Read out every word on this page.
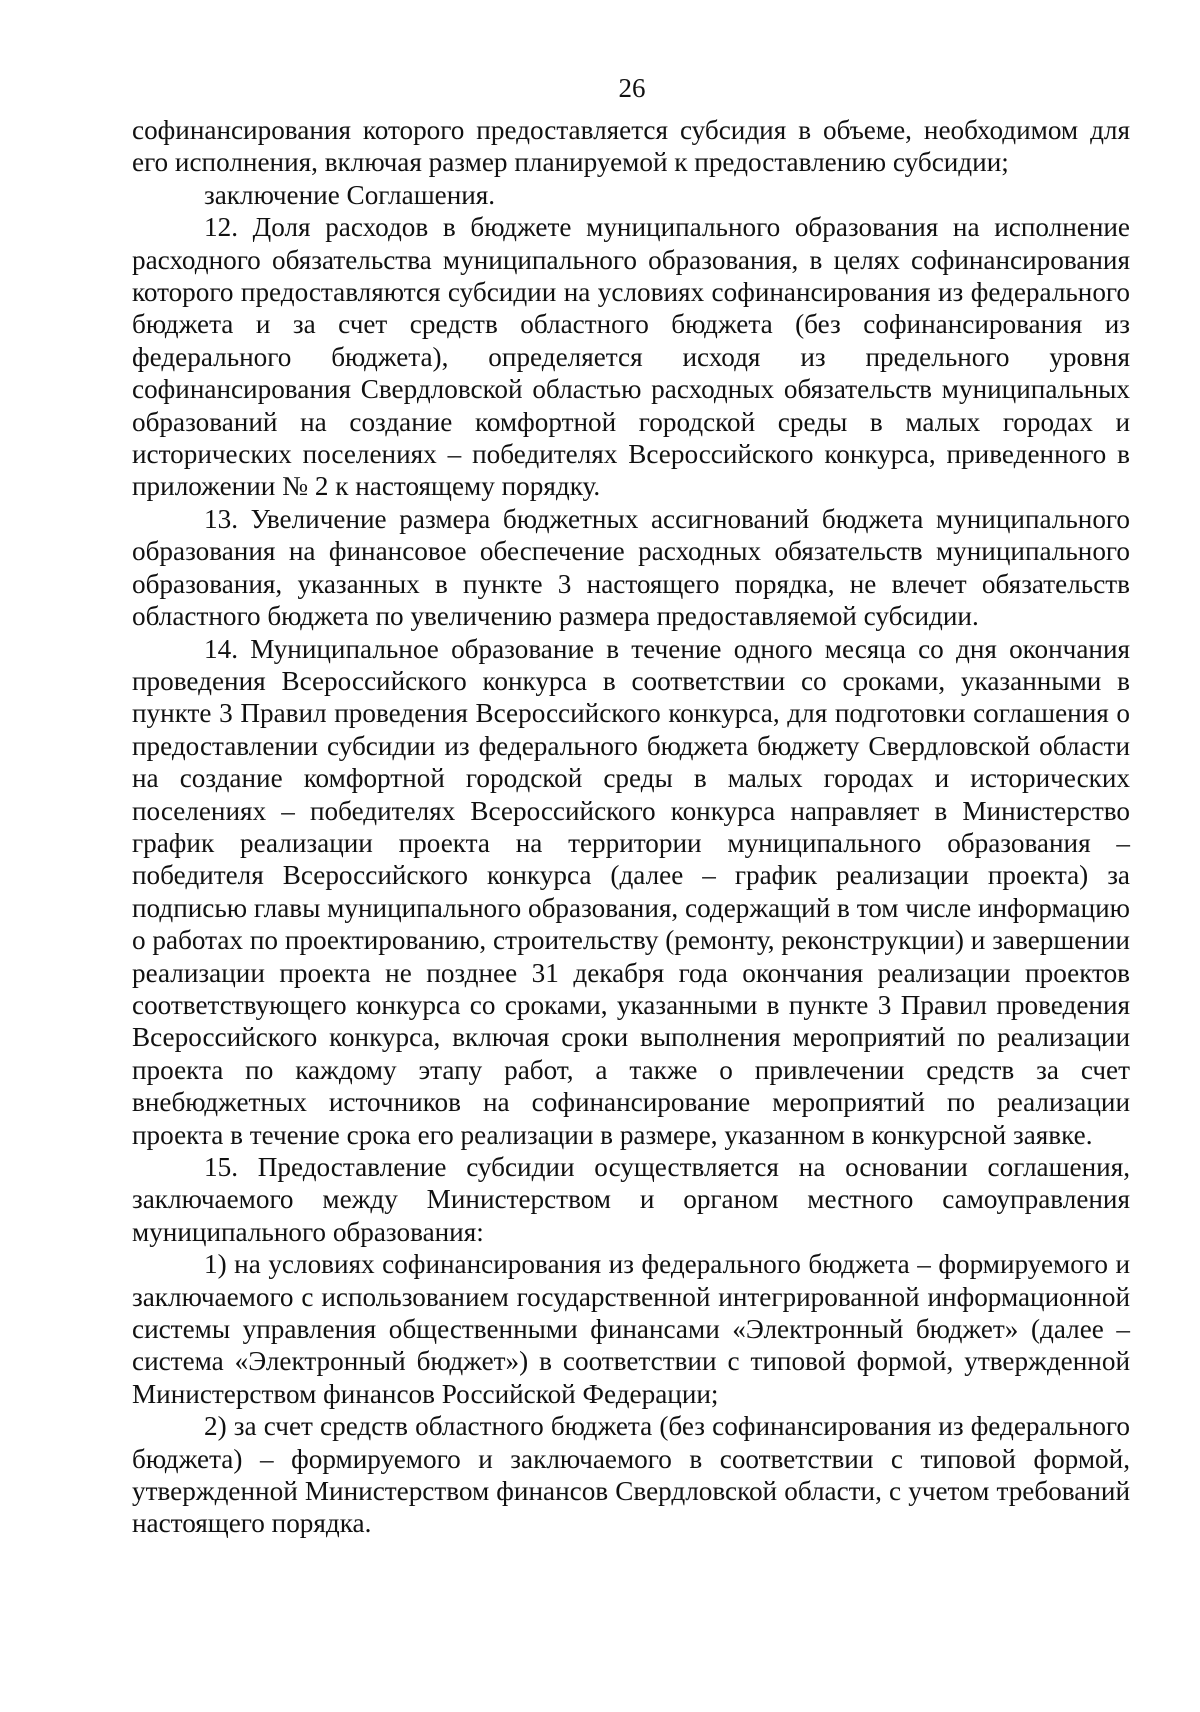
26

софинансирования которого предоставляется субсидия в объеме, необходимом для его исполнения, включая размер планируемой к предоставлению субсидии;

заключение Соглашения.

12. Доля расходов в бюджете муниципального образования на исполнение расходного обязательства муниципального образования, в целях софинансирования которого предоставляются субсидии на условиях софинансирования из федерального бюджета и за счет средств областного бюджета (без софинансирования из федерального бюджета), определяется исходя из предельного уровня софинансирования Свердловской областью расходных обязательств муниципальных образований на создание комфортной городской среды в малых городах и исторических поселениях – победителях Всероссийского конкурса, приведенного в приложении № 2 к настоящему порядку.

13. Увеличение размера бюджетных ассигнований бюджета муниципального образования на финансовое обеспечение расходных обязательств муниципального образования, указанных в пункте 3 настоящего порядка, не влечет обязательств областного бюджета по увеличению размера предоставляемой субсидии.

14. Муниципальное образование в течение одного месяца со дня окончания проведения Всероссийского конкурса в соответствии со сроками, указанными в пункте 3 Правил проведения Всероссийского конкурса, для подготовки соглашения о предоставлении субсидии из федерального бюджета бюджету Свердловской области на создание комфортной городской среды в малых городах и исторических поселениях – победителях Всероссийского конкурса направляет в Министерство график реализации проекта на территории муниципального образования – победителя Всероссийского конкурса (далее – график реализации проекта) за подписью главы муниципального образования, содержащий в том числе информацию о работах по проектированию, строительству (ремонту, реконструкции) и завершении реализации проекта не позднее 31 декабря года окончания реализации проектов соответствующего конкурса со сроками, указанными в пункте 3 Правил проведения Всероссийского конкурса, включая сроки выполнения мероприятий по реализации проекта по каждому этапу работ, а также о привлечении средств за счет внебюджетных источников на софинансирование мероприятий по реализации проекта в течение срока его реализации в размере, указанном в конкурсной заявке.

15. Предоставление субсидии осуществляется на основании соглашения, заключаемого между Министерством и органом местного самоуправления муниципального образования:

1) на условиях софинансирования из федерального бюджета – формируемого и заключаемого с использованием государственной интегрированной информационной системы управления общественными финансами «Электронный бюджет» (далее – система «Электронный бюджет») в соответствии с типовой формой, утвержденной Министерством финансов Российской Федерации;

2) за счет средств областного бюджета (без софинансирования из федерального бюджета) – формируемого и заключаемого в соответствии с типовой формой, утвержденной Министерством финансов Свердловской области, с учетом требований настоящего порядка.
